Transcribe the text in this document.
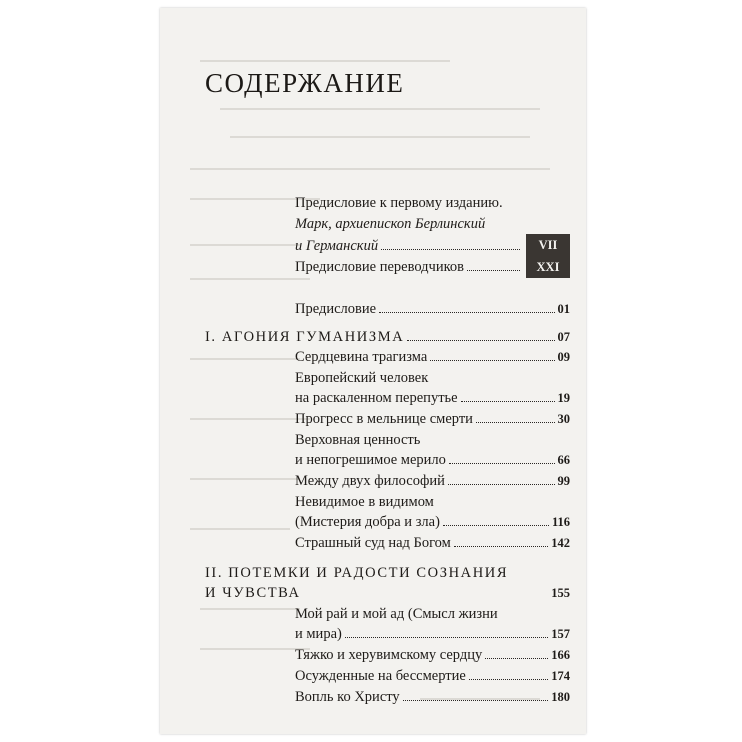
СОДЕРЖАНИЕ
Предисловие к первому изданию.
Марк, архиепископ Берлинский
и Германский	VII
Предисловие переводчиков	XXI
Предисловие	01
I. АГОНИЯ ГУМАНИЗМА	07
Сердцевина трагизма	09
Европейский человек
на раскаленном перепутье	19
Прогресс в мельнице смерти	30
Верховная ценность
и непогрешимое мерило	66
Между двух философий	99
Невидимое в видимом
(Мистерия добра и зла)	116
Страшный суд над Богом	142
II. ПОТЕМКИ И РАДОСТИ СОЗНАНИЯ
И ЧУВСТВА	155
Мой рай и мой ад (Смысл жизни
и мира)	157
Тяжко и херувимскому сердцу	166
Осужденные на бессмертие	174
Вопль ко Христу	180
